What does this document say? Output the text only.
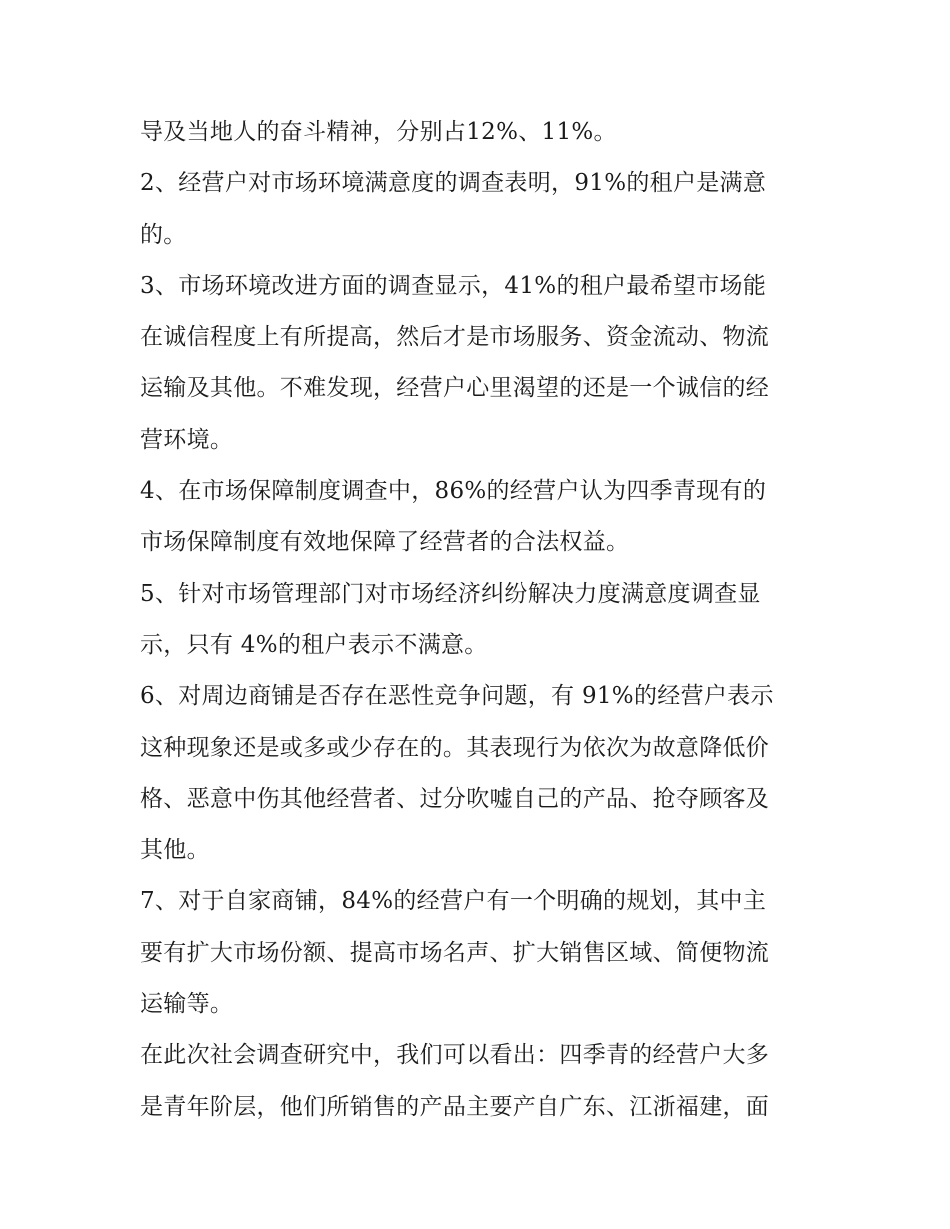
导及当地人的奋斗精神，分别占12%、11%。

2、经营户对市场环境满意度的调查表明，91%的租户是满意
的。

3、市场环境改进方面的调查显示，41%的租户最希望市场能
在诚信程度上有所提高，然后才是市场服务、资金流动、物流
运输及其他。不难发现，经营户心里渴望的还是一个诚信的经
营环境。

4、在市场保障制度调查中，86%的经营户认为四季青现有的
市场保障制度有效地保障了经营者的合法权益。

5、针对市场管理部门对市场经济纠纷解决力度满意度调查显
示，只有 4%的租户表示不满意。

6、对周边商铺是否存在恶性竞争问题，有 91%的经营户表示
这种现象还是或多或少存在的。其表现行为依次为故意降低价
格、恶意中伤其他经营者、过分吹嘘自己的产品、抢夺顾客及
其他。

7、对于自家商铺，84%的经营户有一个明确的规划，其中主
要有扩大市场份额、提高市场名声、扩大销售区域、简便物流
运输等。

在此次社会调查研究中，我们可以看出：四季青的经营户大多
是青年阶层，他们所销售的产品主要产自广东、江浙福建，面
